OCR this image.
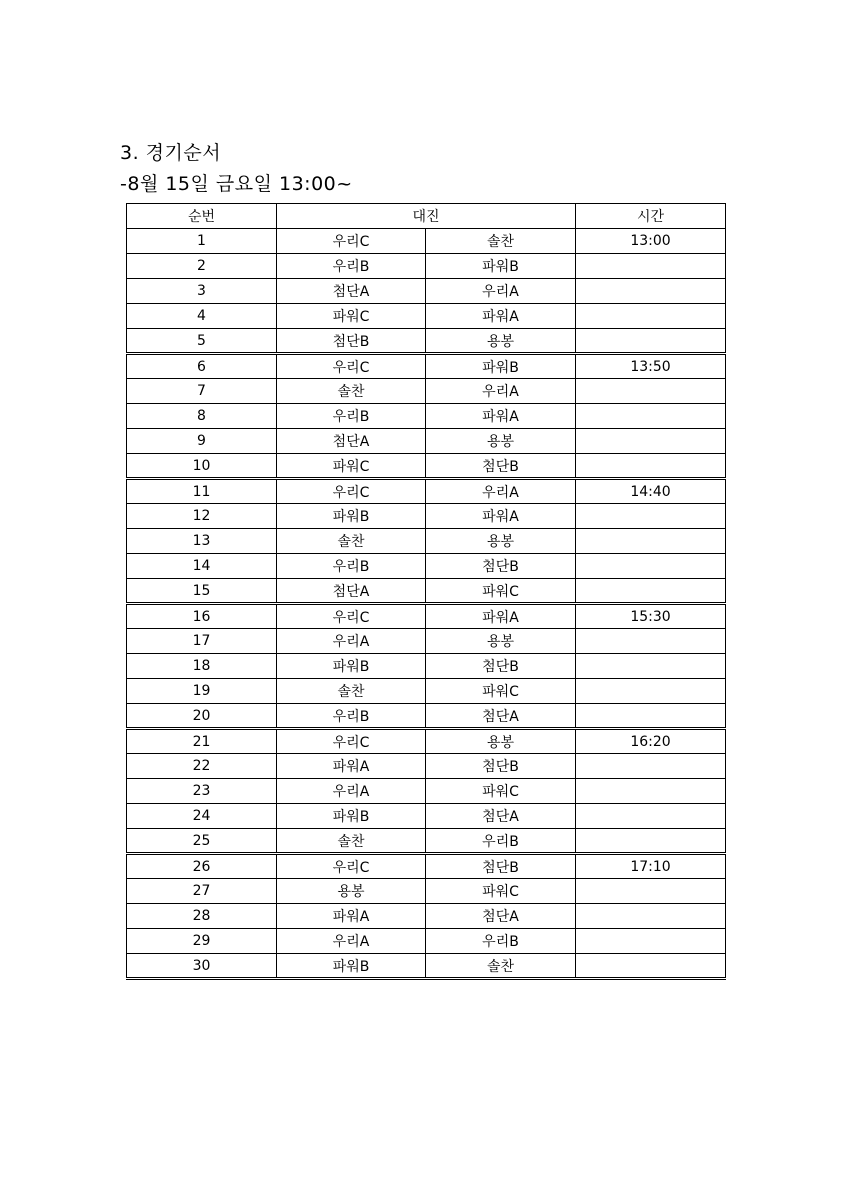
3. 경기순서
-8월 15일 금요일 13:00~
순번	대진		시간
1	우리C	솔찬	13:00
2	우리B	파워B	
3	첨단A	우리A	
4	파워C	파워A	
5	첨단B	용봉	
6	우리C	파워B	13:50
7	솔찬	우리A	
8	우리B	파워A	
9	첨단A	용봉	
10	파워C	첨단B	
11	우리C	우리A	14:40
12	파워B	파워A	
13	솔찬	용봉	
14	우리B	첨단B	
15	첨단A	파워C	
16	우리C	파워A	15:30
17	우리A	용봉	
18	파워B	첨단B	
19	솔찬	파워C	
20	우리B	첨단A	
21	우리C	용봉	16:20
22	파워A	첨단B	
23	우리A	파워C	
24	파워B	첨단A	
25	솔찬	우리B	
26	우리C	첨단B	17:10
27	용봉	파워C	
28	파워A	첨단A	
29	우리A	우리B	
30	파워B	솔찬	
